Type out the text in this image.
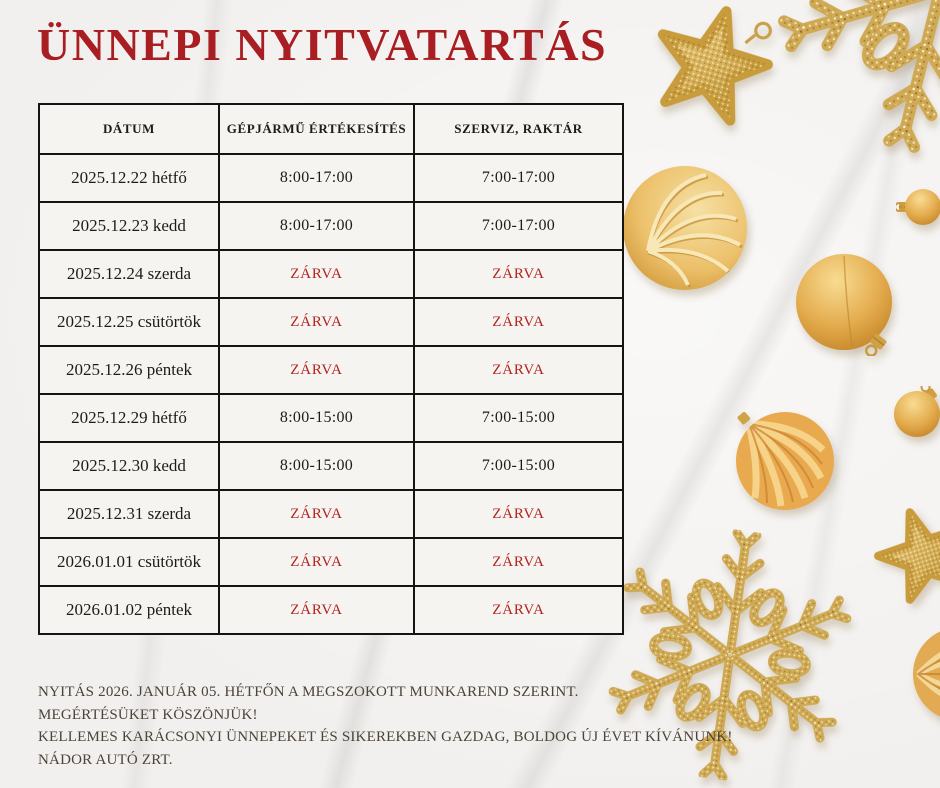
ÜNNEPI NYITVATARTÁS
DÁTUM	GÉPJÁRMŰ ÉRTÉKESÍTÉS	SZERVIZ, RAKTÁR
2025.12.22 hétfő	8:00-17:00	7:00-17:00
2025.12.23 kedd	8:00-17:00	7:00-17:00
2025.12.24 szerda	ZÁRVA	ZÁRVA
2025.12.25 csütörtök	ZÁRVA	ZÁRVA
2025.12.26 péntek	ZÁRVA	ZÁRVA
2025.12.29 hétfő	8:00-15:00	7:00-15:00
2025.12.30 kedd	8:00-15:00	7:00-15:00
2025.12.31 szerda	ZÁRVA	ZÁRVA
2026.01.01 csütörtök	ZÁRVA	ZÁRVA
2026.01.02 péntek	ZÁRVA	ZÁRVA

NYITÁS 2026. JANUÁR 05. HÉTFŐN A MEGSZOKOTT MUNKAREND SZERINT.

MEGÉRTÉSÜKET KÖSZÖNJÜK!

KELLEMES KARÁCSONYI ÜNNEPEKET ÉS SIKEREKBEN GAZDAG, BOLDOG ÚJ ÉVET KÍVÁNUNK!

NÁDOR AUTÓ ZRT.
